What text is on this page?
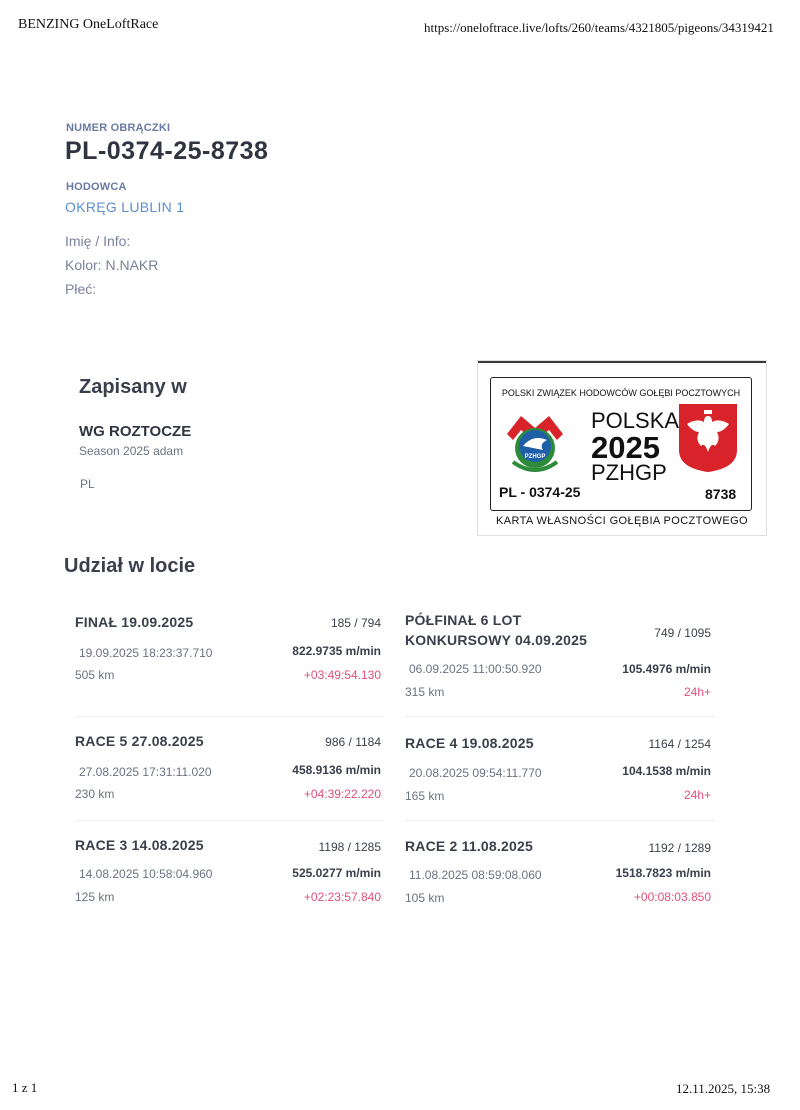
BENZING OneLoftRace	https://oneloftrace.live/lofts/260/teams/4321805/pigeons/34319421
1 z 1	12.11.2025, 15:38
NUMER OBRĄCZKI
PL-0374-25-8738
HODOWCA
OKRĘG LUBLIN 1
Imię / Info:
Kolor: N.NAKR
Płeć:
Zapisany w
WG ROZTOCZE
Season 2025 adam
PL
POLSKI ZWIĄZEK HODOWCÓW GOŁĘBI POCZTOWYCH
PZHGP
POLSKA
2025
PZHGP
PL - 0374-25	8738
KARTA WŁASNOŚCI GOŁĘBIA POCZTOWEGO
Udział w locie
FINAŁ 19.09.2025	185 / 794
19.09.2025 18:23:37.710	822.9735 m/min
505 km	+03:49:54.130
PÓŁFINAŁ 6 LOT KONKURSOWY 04.09.2025	749 / 1095
06.09.2025 11:00:50.920	105.4976 m/min
315 km	24h+
RACE 5 27.08.2025	986 / 1184
27.08.2025 17:31:11.020	458.9136 m/min
230 km	+04:39:22.220
RACE 4 19.08.2025	1164 / 1254
20.08.2025 09:54:11.770	104.1538 m/min
165 km	24h+
RACE 3 14.08.2025	1198 / 1285
14.08.2025 10:58:04.960	525.0277 m/min
125 km	+02:23:57.840
RACE 2 11.08.2025	1192 / 1289
11.08.2025 08:59:08.060	1518.7823 m/min
105 km	+00:08:03.850
